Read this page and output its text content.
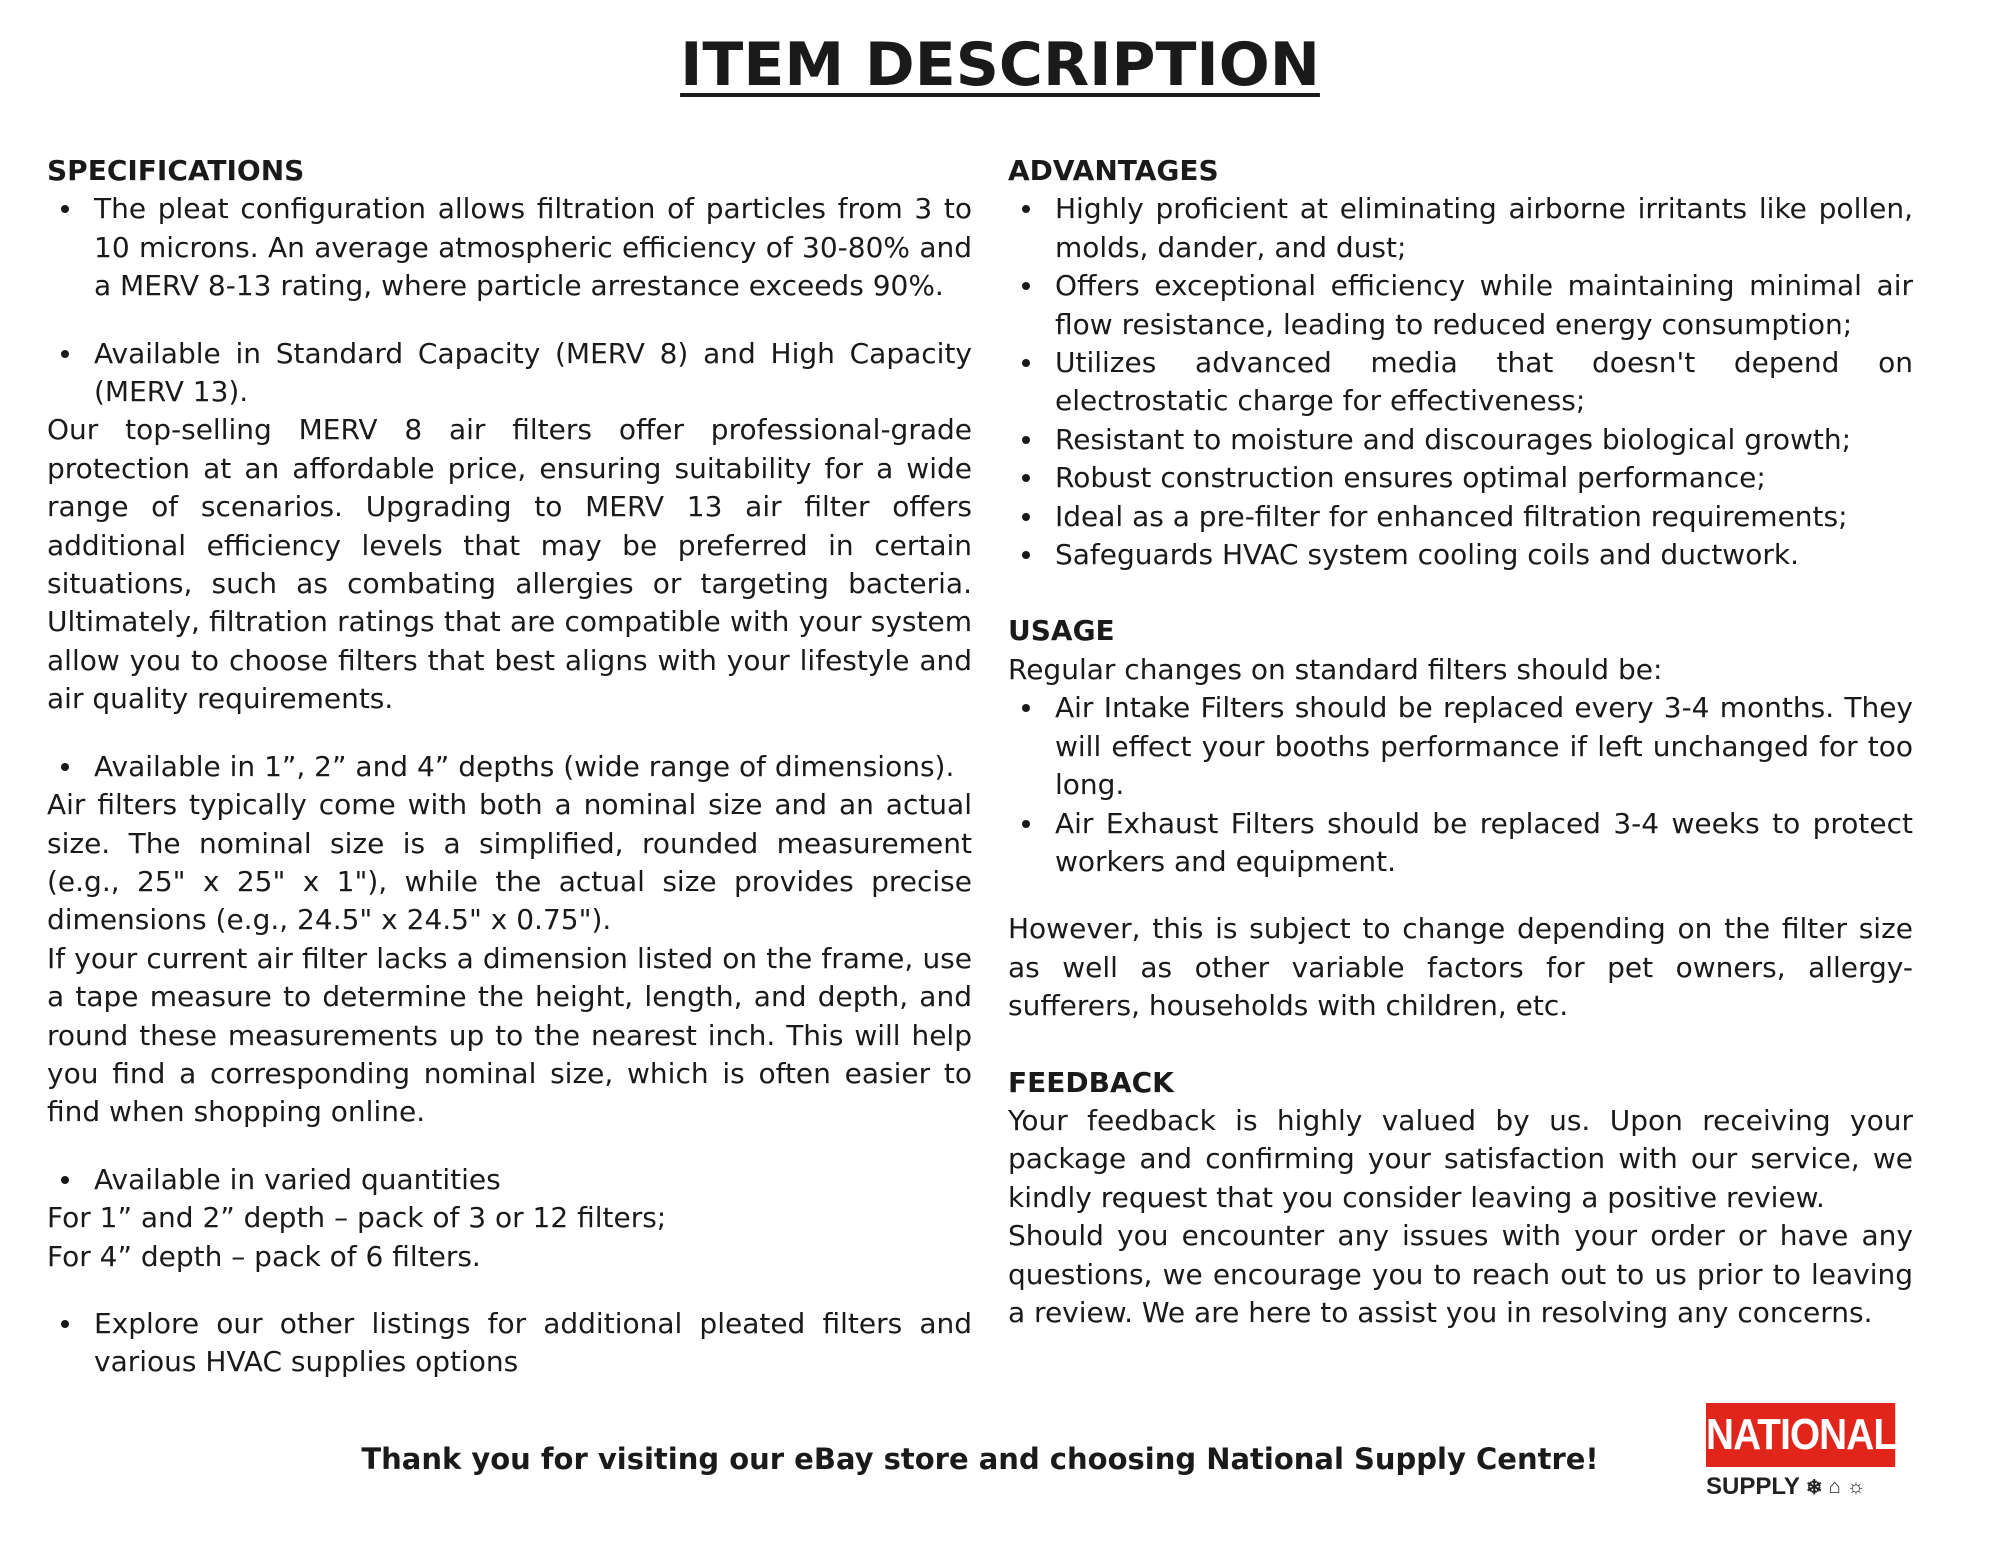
ITEM DESCRIPTION
SPECIFICATIONS
The pleat configuration allows filtration of particles from 3 to 10 microns. An average atmospheric efficiency of 30-80% and a MERV 8-13 rating, where particle arrestance exceeds 90%.
Available in Standard Capacity (MERV 8) and High Capacity (MERV 13).

Our top-selling MERV 8 air filters offer professional-grade protection at an affordable price, ensuring suitability for a wide range of scenarios. Upgrading to MERV 13 air filter offers additional efficiency levels that may be preferred in certain situations, such as combating allergies or targeting bacteria. Ultimately, filtration ratings that are compatible with your system allow you to choose filters that best aligns with your lifestyle and air quality requirements.

Available in 1”, 2” and 4” depths (wide range of dimensions).

Air filters typically come with both a nominal size and an actual size. The nominal size is a simplified, rounded measurement (e.g., 25" x 25" x 1"), while the actual size provides precise dimensions (e.g., 24.5" x 24.5" x 0.75").

If your current air filter lacks a dimension listed on the frame, use a tape measure to determine the height, length, and depth, and round these measurements up to the nearest inch. This will help you find a corresponding nominal size, which is often easier to find when shopping online.

Available in varied quantities

For 1” and 2” depth – pack of 3 or 12 filters;

For 4” depth – pack of 6 filters.

Explore our other listings for additional pleated filters and various HVAC supplies options
ADVANTAGES
Highly proficient at eliminating airborne irritants like pollen, molds, dander, and dust;
Offers exceptional efficiency while maintaining minimal air flow resistance, leading to reduced energy consumption;
Utilizes advanced media that doesn't depend on electrostatic charge for effectiveness;
Resistant to moisture and discourages biological growth;
Robust construction ensures optimal performance;
Ideal as a pre-filter for enhanced filtration requirements;
Safeguards HVAC system cooling coils and ductwork.
USAGE

Regular changes on standard filters should be:

Air Intake Filters should be replaced every 3-4 months. They will effect your booths performance if left unchanged for too long.
Air Exhaust Filters should be replaced 3-4 weeks to protect workers and equipment.

However, this is subject to change depending on the filter size as well as other variable factors for pet owners, allergy-sufferers, households with children, etc.

FEEDBACK

Your feedback is highly valued by us. Upon receiving your package and confirming your satisfaction with our service, we kindly request that you consider leaving a positive review.

Should you encounter any issues with your order or have any questions, we encourage you to reach out to us prior to leaving a review. We are here to assist you in resolving any concerns.

Thank you for visiting our eBay store and choosing National Supply Centre!	NATIONAL
SUPPLY ❄ ⌂ ☼
